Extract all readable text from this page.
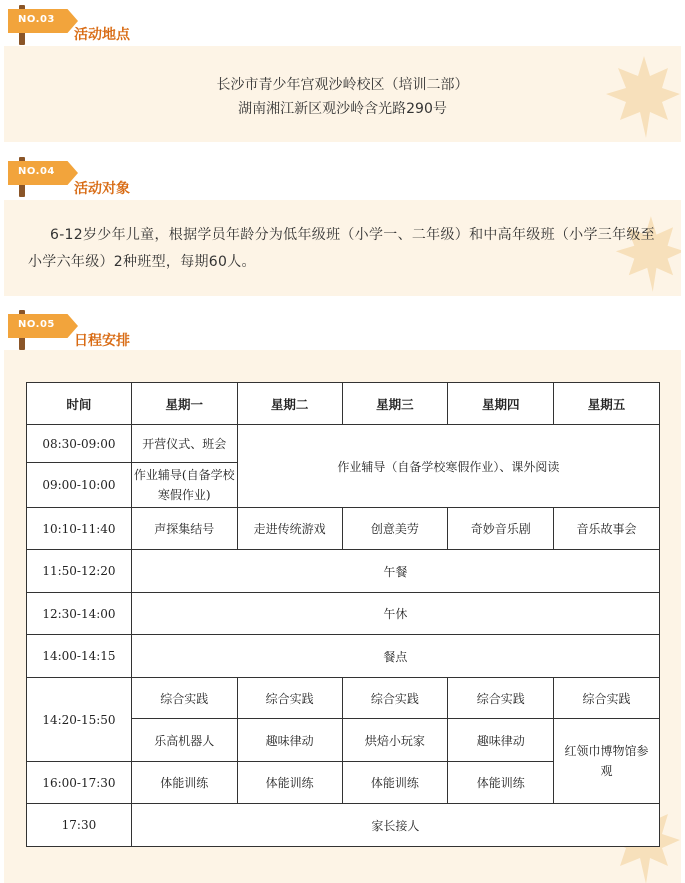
NO.03
活动地点
长沙市青少年宫观沙岭校区（培训二部）
湖南湘江新区观沙岭含光路290号
NO.04
活动对象
6-12岁少年儿童，根据学员年龄分为低年级班（小学一、二年级）和中高年级班（小学三年级至小学六年级）2种班型，每期60人。
NO.05
日程安排
时间	星期一	星期二	星期三	星期四	星期五
08:30-09:00	开营仪式、班会	作业辅导（自备学校寒假作业）、课外阅读			
09:00-10:00	作业辅导(自备学校寒假作业)				
10:10-11:40	声探集结号	走进传统游戏	创意美劳	奇妙音乐剧	音乐故事会
11:50-12:20	午餐				
12:30-14:00	午休				
14:00-14:15	餐点				
14:20-15:50	综合实践	综合实践	综合实践	综合实践	综合实践
	乐高机器人	趣味律动	烘焙小玩家	趣味律动	红领巾博物馆参观
16:00-17:30	体能训练	体能训练	体能训练	体能训练	
17:30	家长接人				
